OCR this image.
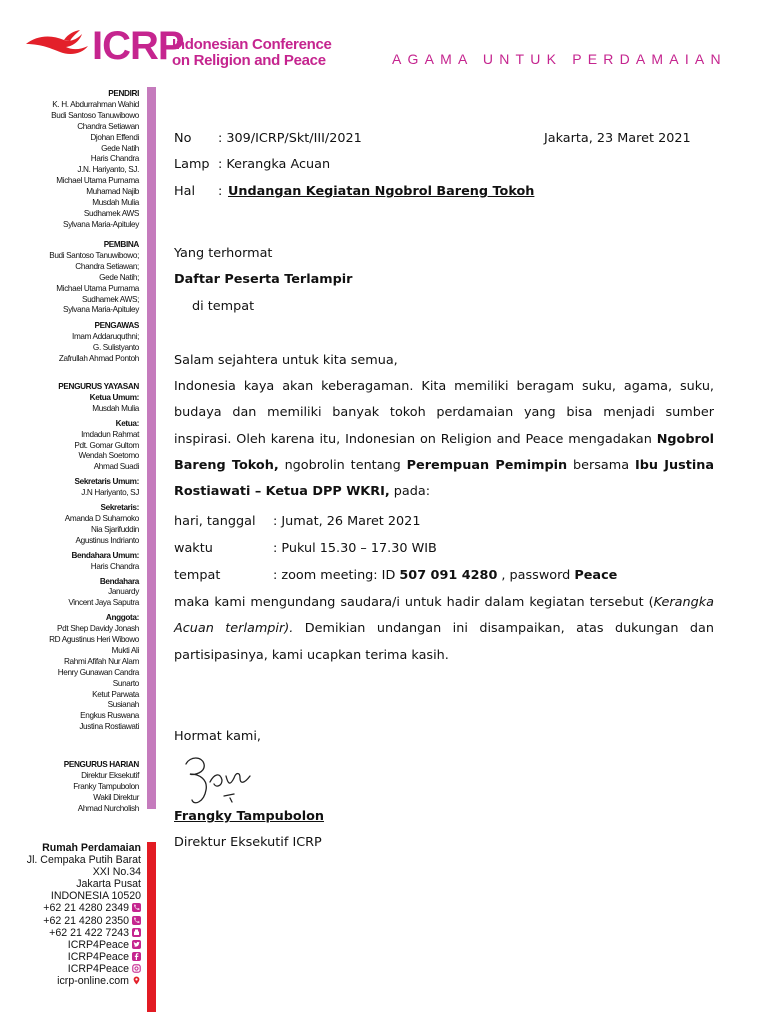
ICRP
Indonesian Conference
on Religion and Peace	AGAMA UNTUK PERDAMAIAN
PENDIRI
K. H. Abdurrahman Wahid
Budi Santoso Tanuwibowo
Chandra Setiawan
Djohan Effendi
Gede Natih
Haris Chandra
J.N. Hariyanto, SJ.
Michael Utama Purnama
Muhamad Najib
Musdah Mulia
Sudhamek AWS
Sylvana Maria-Apituley
PEMBINA
Budi Santoso Tanuwibowo;
Chandra Setiawan;
Gede Natih;
Michael Utama Purnama
Sudhamek AWS;
Sylvana Maria-Apituley
PENGAWAS
Imam Addaruquthni;
G. Sulistyanto
Zafrullah Ahmad Pontoh
PENGURUS YAYASAN
Ketua Umum:
Musdah Mulia
Ketua:
Imdadun Rahmat
Pdt. Gomar Gultom
Wendah Soetomo
Ahmad Suadi
Sekretaris Umum:
J.N Hariyanto, SJ
Sekretaris:
Amanda D Suharnoko
Nia Sjarifuddin
Agustinus Indrianto
Bendahara Umum:
Haris Chandra
Bendahara
Januardy
Vincent Jaya Saputra
Anggota:
Pdt Shep Davidy Jonash
RD Agustinus Heri Wibowo
Mukti Ali
Rahmi Afifah Nur Alam
Henry Gunawan Candra
Sunarto
Ketut Parwata
Susianah
Engkus Ruswana
Justina Rostiawati
PENGURUS HARIAN
Direktur Eksekutif
Franky Tampubolon
Wakil Direktur
Ahmad Nurcholish
Rumah Perdamaian
Jl. Cempaka Putih Barat
XXI No.34
Jakarta Pusat
INDONESIA 10520
+62 21 4280 2349
+62 21 4280 2350
+62 21 422 7243
ICRP4Peace
ICRP4Peace
ICRP4Peace
icrp-online.com
No : 309/ICRP/Skt/III/2021	Jakarta, 23 Maret 2021
Lamp : Kerangka Acuan
Hal : Undangan Kegiatan Ngobrol Bareng Tokoh
Yang terhormat
Daftar Peserta Terlampir
di tempat
Salam sejahtera untuk kita semua,
Indonesia kaya akan keberagaman. Kita memiliki beragam suku, agama, suku, budaya dan memiliki banyak tokoh perdamaian yang bisa menjadi sumber inspirasi. Oleh karena itu, Indonesian on Religion and Peace mengadakan Ngobrol Bareng Tokoh, ngobrolin tentang Perempuan Pemimpin bersama Ibu Justina Rostiawati – Ketua DPP WKRI, pada:
hari, tanggal : Jumat, 26 Maret 2021
waktu	: Pukul 15.30 – 17.30 WIB
tempat	: zoom meeting: ID 507 091 4280 , password Peace
maka kami mengundang saudara/i untuk hadir dalam kegiatan tersebut (Kerangka Acuan terlampir). Demikian undangan ini disampaikan, atas dukungan dan partisipasinya, kami ucapkan terima kasih.
Hormat kami,
Frangky Tampubolon
Direktur Eksekutif ICRP
